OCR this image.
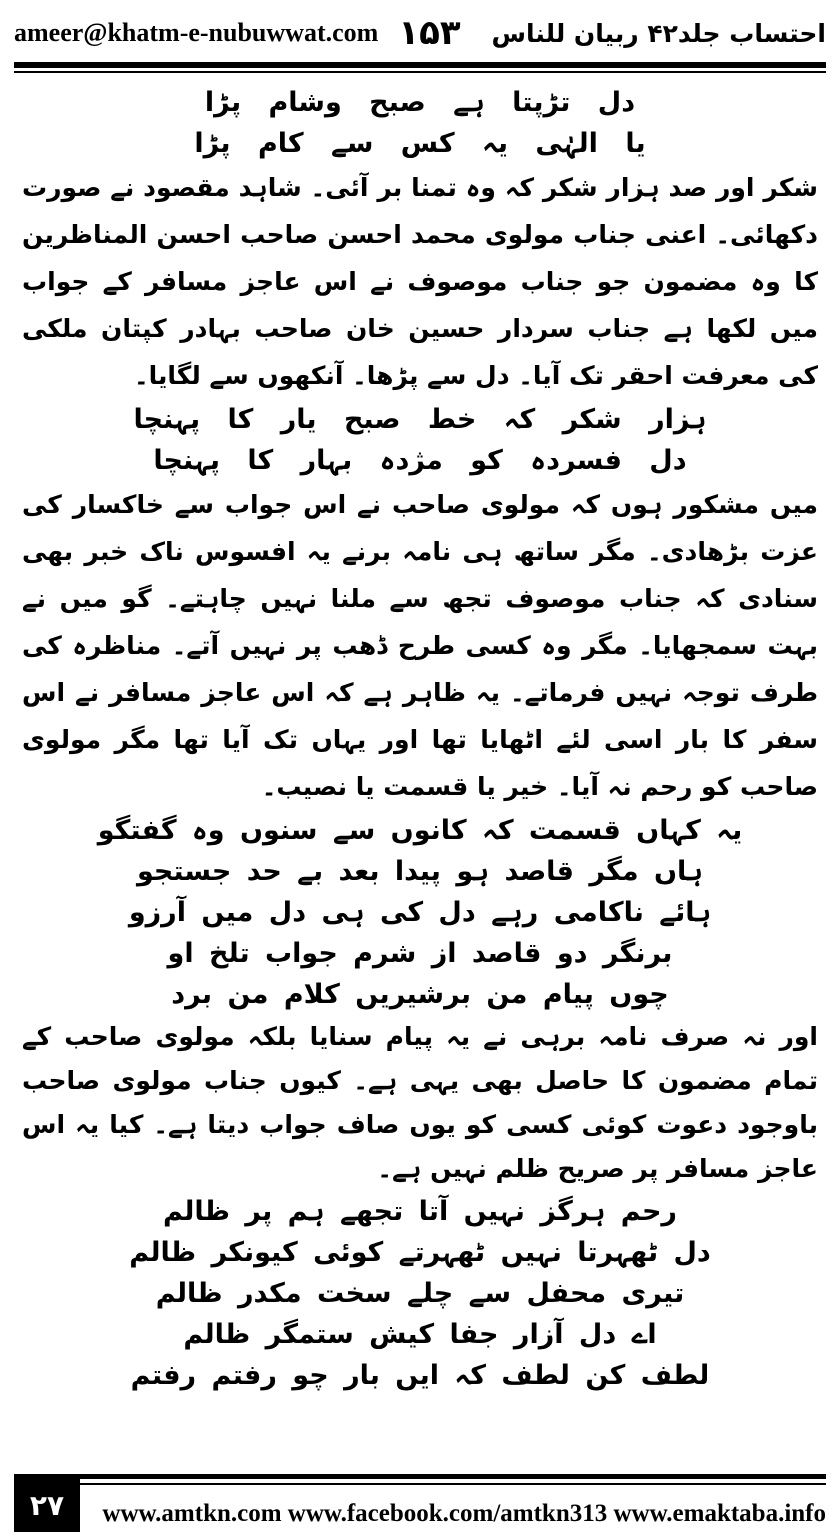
ameer@khatm-e-nubuwwat.com ۱۵۳ احتساب جلد۴۲ ربیان للناس
دل تڑپتا ہے صبح وشام پڑا
یا الہٰی یہ کس سے کام پڑا

شکر اور صد ہزار شکر کہ وہ تمنا بر آئی۔ شاہد مقصود نے صورت دکھائی۔ اعنی جناب مولوی محمد احسن صاحب احسن المناظرین کا وہ مضمون جو جناب موصوف نے اس عاجز مسافر کے جواب میں لکھا ہے جناب سردار حسین خان صاحب بہادر کپتان ملکی کی معرفت احقر تک آیا۔ دل سے پڑھا۔ آنکھوں سے لگایا۔

ہزار شکر کہ خط صبح یار کا پہنچا
دل فسردہ کو مژدہ بہار کا پہنچا

میں مشکور ہوں کہ مولوی صاحب نے اس جواب سے خاکسار کی عزت بڑھادی۔ مگر ساتھ ہی نامہ برنے یہ افسوس ناک خبر بھی سنادی کہ جناب موصوف تجھ سے ملنا نہیں چاہتے۔ گو میں نے بہت سمجھایا۔ مگر وہ کسی طرح ڈھب پر نہیں آتے۔ مناظرہ کی طرف توجہ نہیں فرماتے۔ یہ ظاہر ہے کہ اس عاجز مسافر نے اس سفر کا بار اسی لئے اٹھایا تھا اور یہاں تک آیا تھا مگر مولوی صاحب کو رحم نہ آیا۔ خیر یا قسمت یا نصیب۔

یہ کہاں قسمت کہ کانوں سے سنوں وہ گفتگو
ہاں مگر قاصد ہو پیدا بعد بے حد جستجو
ہائے ناکامی رہے دل کی ہی دل میں آرزو
برنگر دو قاصد از شرم جواب تلخ او
چوں پیام من برشیریں کلام من برد

اور نہ صرف نامہ برہی نے یہ پیام سنایا بلکہ مولوی صاحب کے تمام مضمون کا حاصل بھی یہی ہے۔ کیوں جناب مولوی صاحب باوجود دعوت کوئی کسی کو یوں صاف جواب دیتا ہے۔ کیا یہ اس عاجز مسافر پر صریح ظلم نہیں ہے۔

رحم ہرگز نہیں آتا تجھے ہم پر ظالم
دل ٹھہرتا نہیں ٹھہرتے کوئی کیونکر ظالم
تیری محفل سے چلے سخت مکدر ظالم
اے دل آزار جفا کیش ستمگر ظالم
لطف کن لطف کہ ایں بار چو رفتم رفتم
۲۷	www.amtkn.com www.facebook.com/amtkn313 www.emaktaba.info
